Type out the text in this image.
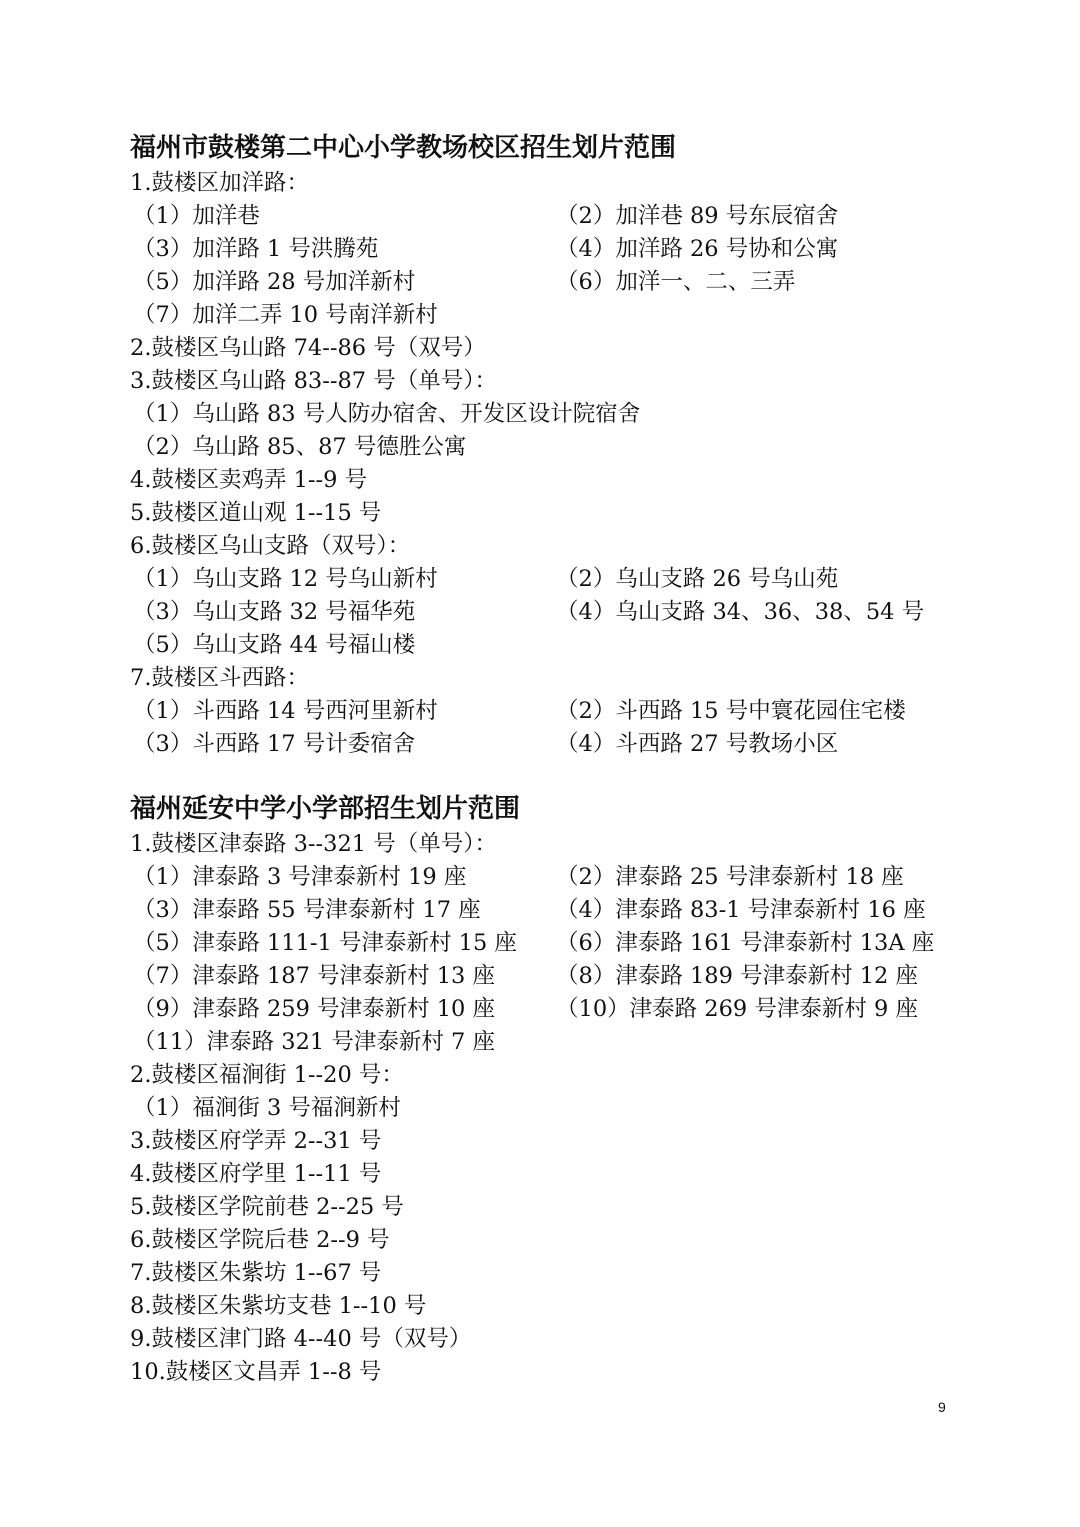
福州市鼓楼第二中心小学教场校区招生划片范围
1.鼓楼区加洋路：
（1）加洋巷	（2）加洋巷 89 号东辰宿舍
（3）加洋路 1 号洪腾苑	（4）加洋路 26 号协和公寓
（5）加洋路 28 号加洋新村	（6）加洋一、二、三弄
（7）加洋二弄 10 号南洋新村
2.鼓楼区乌山路 74--86 号（双号）
3.鼓楼区乌山路 83--87 号（单号）：
（1）乌山路 83 号人防办宿舍、开发区设计院宿舍
（2）乌山路 85、87 号德胜公寓
4.鼓楼区卖鸡弄 1--9 号
5.鼓楼区道山观 1--15 号
6.鼓楼区乌山支路（双号）：
（1）乌山支路 12 号乌山新村	（2）乌山支路 26 号乌山苑
（3）乌山支路 32 号福华苑	（4）乌山支路 34、36、38、54 号
（5）乌山支路 44 号福山楼
7.鼓楼区斗西路：
（1）斗西路 14 号西河里新村	（2）斗西路 15 号中寰花园住宅楼
（3）斗西路 17 号计委宿舍	（4）斗西路 27 号教场小区
福州延安中学小学部招生划片范围
1.鼓楼区津泰路 3--321 号（单号）：
（1）津泰路 3 号津泰新村 19 座	（2）津泰路 25 号津泰新村 18 座
（3）津泰路 55 号津泰新村 17 座	（4）津泰路 83-1 号津泰新村 16 座
（5）津泰路 111-1 号津泰新村 15 座 （6）津泰路 161 号津泰新村 13A 座
（7）津泰路 187 号津泰新村 13 座	（8）津泰路 189 号津泰新村 12 座
（9）津泰路 259 号津泰新村 10 座	（10）津泰路 269 号津泰新村 9 座
（11）津泰路 321 号津泰新村 7 座
2.鼓楼区福涧街 1--20 号：
（1）福涧街 3 号福涧新村
3.鼓楼区府学弄 2--31 号
4.鼓楼区府学里 1--11 号
5.鼓楼区学院前巷 2--25 号
6.鼓楼区学院后巷 2--9 号
7.鼓楼区朱紫坊 1--67 号
8.鼓楼区朱紫坊支巷 1--10 号
9.鼓楼区津门路 4--40 号（双号）
10.鼓楼区文昌弄 1--8 号
9
